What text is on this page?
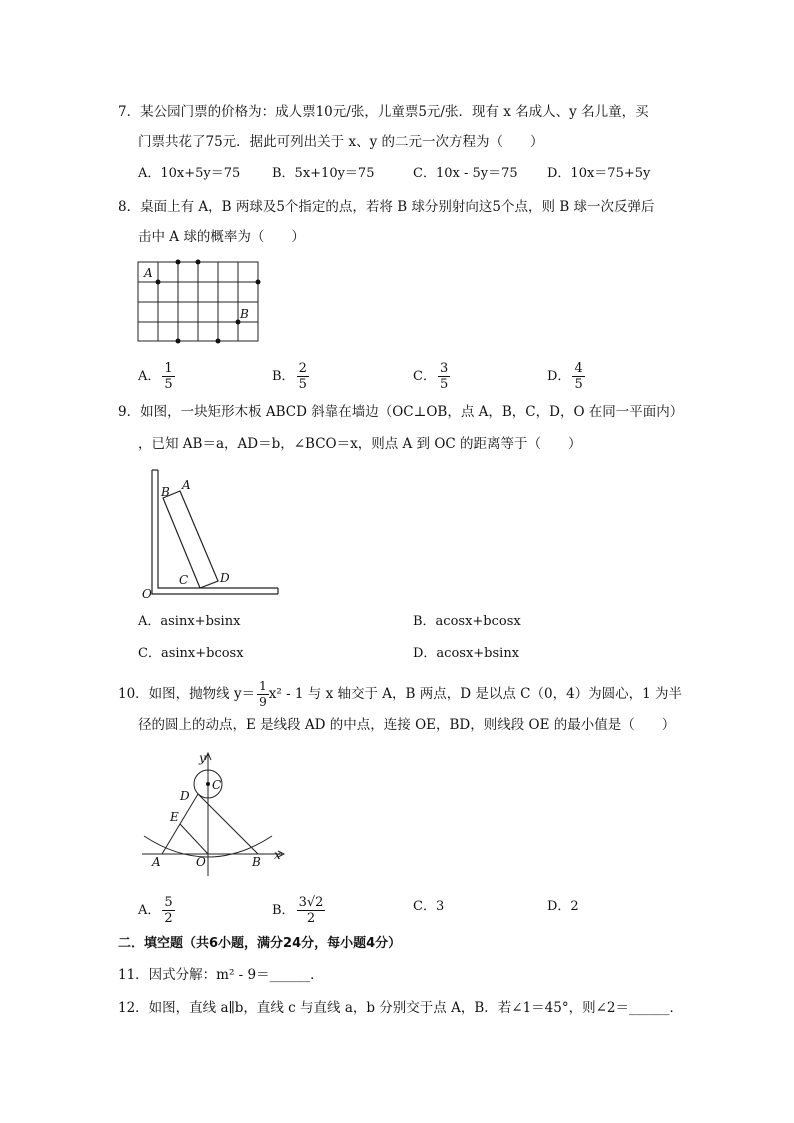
7．某公园门票的价格为：成人票10元/张，儿童票5元/张．现有 x 名成人、y 名儿童，买
门票共花了75元．据此可列出关于 x、y 的二元一次方程为（　　）
A．10x+5y＝75 B．5x+10y＝75	C．10x - 5y＝75 D．10x＝75+5y
8．桌面上有 A，B 两球及5个指定的点，若将 B 球分别射向这5个点，则 B 球一次反弹后
击中 A 球的概率为（　　）
A
B
A． $\frac{1}{5}$	B． $\frac{2}{5}$	C． $\frac{3}{5}$	D． $\frac{4}{5}$
9．如图，一块矩形木板 ABCD 斜靠在墙边（OC⊥OB，点 A，B，C，D，O 在同一平面内）
，已知 AB＝a，AD＝b，∠BCO＝x，则点 A 到 OC 的距离等于（　　）
O
B A
C	D
A．asinx+bsinx	B．acosx+bcosx
C．asinx+bcosx	D．acosx+bsinx
10．如图，抛物线 $y= \frac{1}{9} x^2 - 1$ 与 x 轴交于 A，B 两点，D 是以点 C（0，4）为圆心，1 为半
径的圆上的动点，E 是线段 AD 的中点，连接 OE，BD，则线段 OE 的最小值是（　　）
y
C
D
E
A	O	B x
A． $\frac{5}{2}$	B． $\frac{3√2}{2}$	C．3	D．2
二．填空题（共6小题，满分24分，每小题4分）
11．因式分解：m² - 9＝______．
12．如图，直线 a∥b，直线 c 与直线 a，b 分别交于点 A，B．若∠1＝45°，则∠2＝______．
